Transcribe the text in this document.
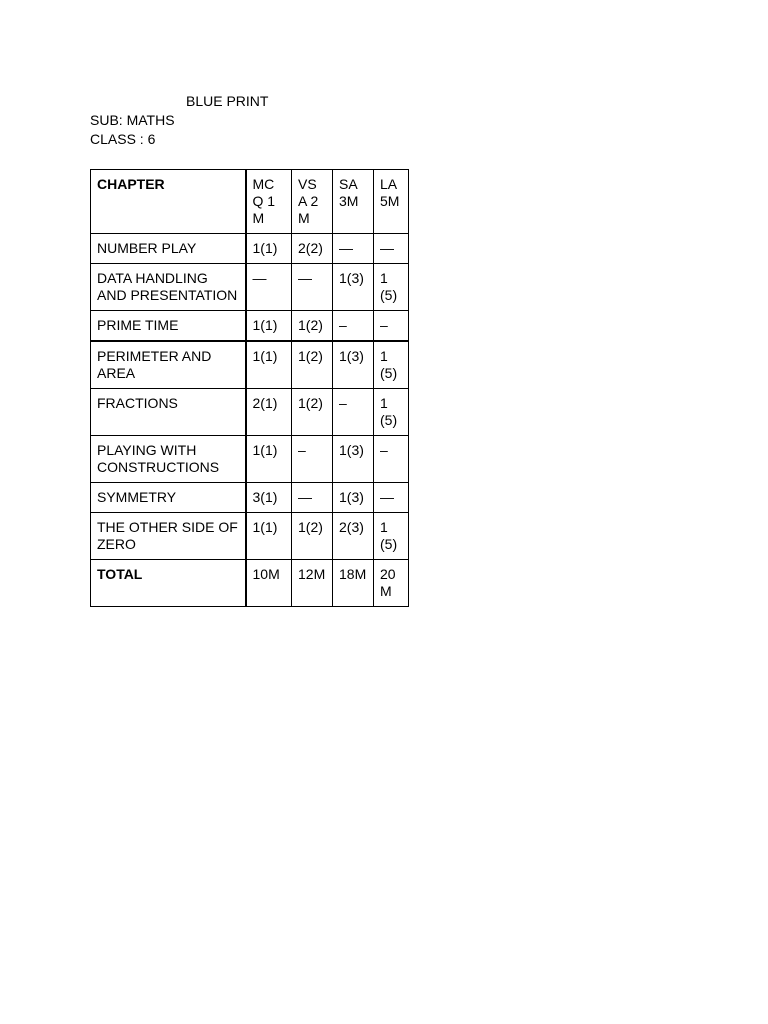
BLUE PRINT
SUB: MATHS
CLASS : 6
CHAPTER	MCQ 1M	VSA 2M	SA 3M	LA 5M
NUMBER PLAY	1(1)	2(2)	—	—
DATA HANDLING AND PRESENTATION	—	—	1(3)	1(5)
PRIME TIME	1(1)	1(2)	–	–
PERIMETER AND AREA	1(1)	1(2)	1(3)	1(5)
FRACTIONS	2(1)	1(2)	–	1(5)
PLAYING WITH CONSTRUCTIONS	1(1)	–	1(3)	–
SYMMETRY	3(1)	—	1(3)	—
THE OTHER SIDE OF ZERO	1(1)	1(2)	2(3)	1(5)
TOTAL	10M	12M	18M	20M
